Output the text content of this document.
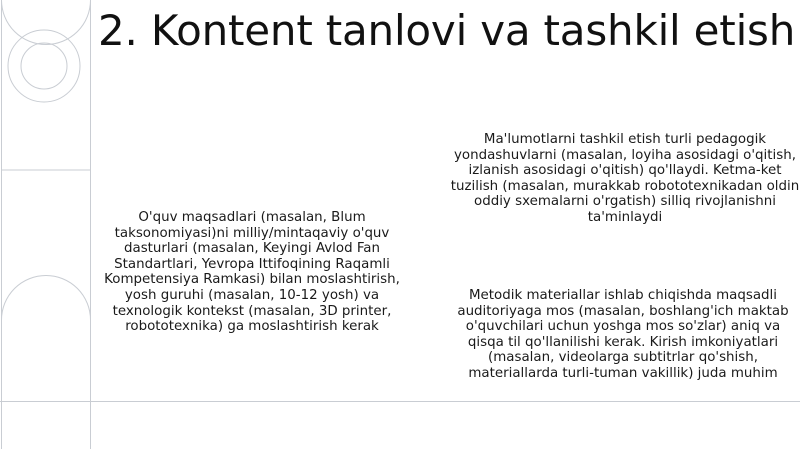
2. Kontent tanlovi va tashkil etish
O'quv maqsadlari (masalan, Blum taksonomiyasi)ni milliy/mintaqaviy o'quv dasturlari (masalan, Keyingi Avlod Fan Standartlari, Yevropa Ittifoqining Raqamli Kompetensiya Ramkasi) bilan moslashtirish, yosh guruhi (masalan, 10-12 yosh) va texnologik kontekst (masalan, 3D printer, robototexnika) ga moslashtirish kerak
Ma'lumotlarni tashkil etish turli pedagogik yondashuvlarni (masalan, loyiha asosidagi o'qitish, izlanish asosidagi o'qitish) qo'llaydi. Ketma-ket tuzilish (masalan, murakkab robototexnikadan oldin oddiy sxemalarni o'rgatish) silliq rivojlanishni ta'minlaydi
Metodik materiallar ishlab chiqishda maqsadli auditoriyaga mos (masalan, boshlang'ich maktab o'quvchilari uchun yoshga mos so'zlar) aniq va qisqa til qo'llanilishi kerak. Kirish imkoniyatlari (masalan, videolarga subtitrlar qo'shish, materiallarda turli-tuman vakillik) juda muhim
